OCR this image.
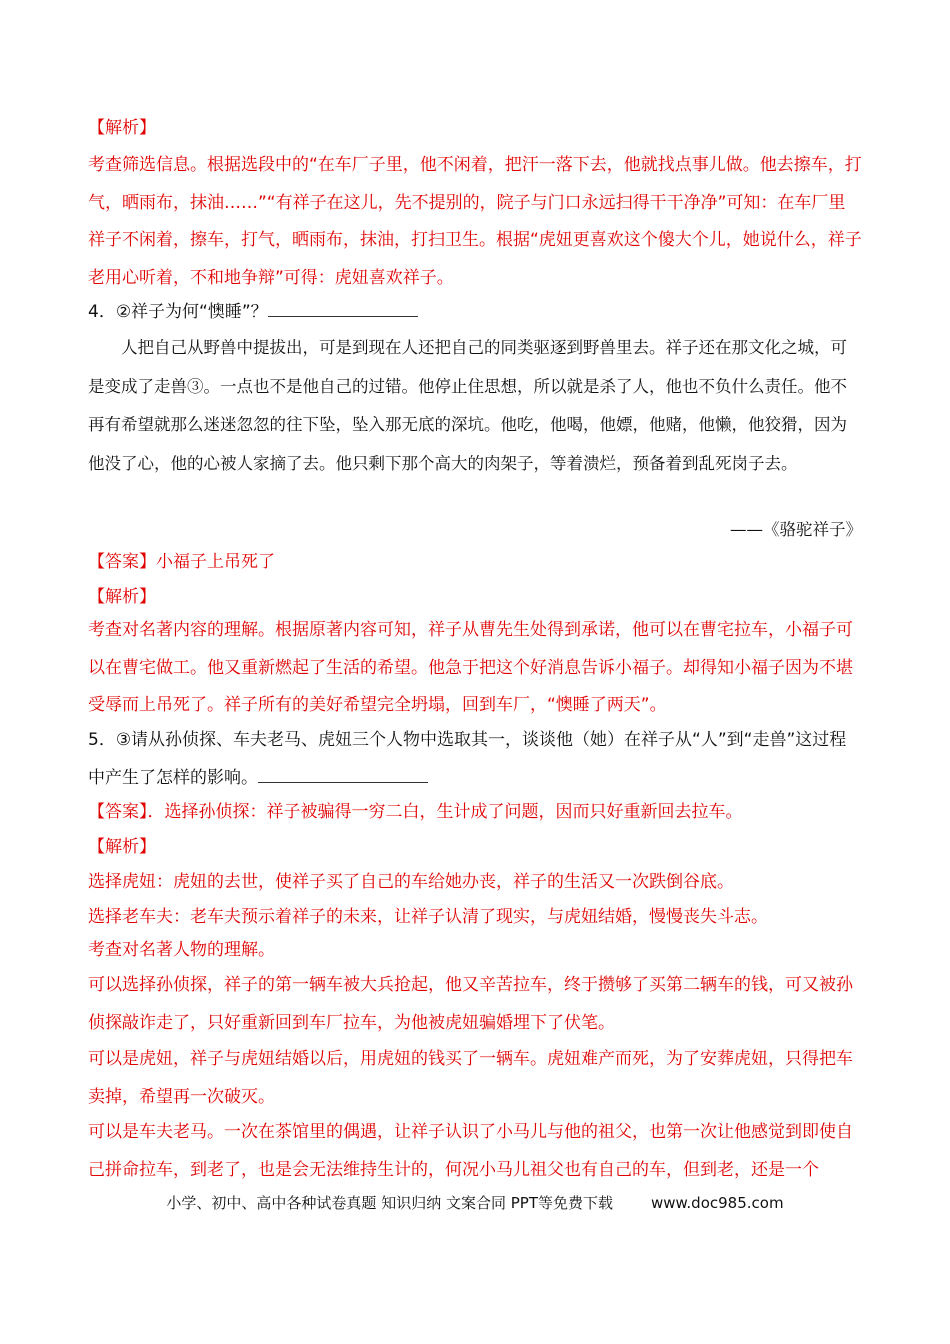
【解析】

考查筛选信息。根据选段中的“在车厂子里，他不闲着，把汗一落下去，他就找点事儿做。他去擦车，打气，晒雨布，抹油……”“有祥子在这儿，先不提别的，院子与门口永远扫得干干净净”可知：在车厂里祥子不闲着，擦车，打气，晒雨布，抹油，打扫卫生。根据“虎妞更喜欢这个傻大个儿，她说什么，祥子老用心听着，不和地争辩”可得：虎妞喜欢祥子。

4．②祥子为何“懊睡”？

人把自己从野兽中提拔出，可是到现在人还把自己的同类驱逐到野兽里去。祥子还在那文化之城，可是变成了走兽③。一点也不是他自己的过错。他停止住思想，所以就是杀了人，他也不负什么责任。他不再有希望就那么迷迷忽忽的往下坠，坠入那无底的深坑。他吃，他喝，他嫖，他赌，他懒，他狡猾，因为他没了心，他的心被人家摘了去。他只剩下那个高大的肉架子，等着溃烂，预备着到乱死岗子去。

——《骆驼祥子》

【答案】小福子上吊死了

【解析】

考查对名著内容的理解。根据原著内容可知，祥子从曹先生处得到承诺，他可以在曹宅拉车，小福子可以在曹宅做工。他又重新燃起了生活的希望。他急于把这个好消息告诉小福子。却得知小福子因为不堪受辱而上吊死了。祥子所有的美好希望完全坍塌，回到车厂，“懊睡了两天”。

5．③请从孙侦探、车夫老马、虎妞三个人物中选取其一，谈谈他（她）在祥子从“人”到“走兽”这过程中产生了怎样的影响。

【答案】．选择孙侦探：祥子被骗得一穷二白，生计成了问题，因而只好重新回去拉车。

【解析】

选择虎妞：虎妞的去世，使祥子买了自己的车给她办丧，祥子的生活又一次跌倒谷底。

选择老车夫：老车夫预示着祥子的未来，让祥子认清了现实，与虎妞结婚，慢慢丧失斗志。

考查对名著人物的理解。

可以选择孙侦探，祥子的第一辆车被大兵抢起，他又辛苦拉车，终于攒够了买第二辆车的钱，可又被孙侦探敲诈走了，只好重新回到车厂拉车，为他被虎妞骗婚埋下了伏笔。

可以是虎妞，祥子与虎妞结婚以后，用虎妞的钱买了一辆车。虎妞难产而死，为了安葬虎妞，只得把车卖掉，希望再一次破灭。

可以是车夫老马。一次在茶馆里的偶遇，让祥子认识了小马儿与他的祖父，也第一次让他感觉到即使自己拼命拉车，到老了，也是会无法维持生计的，何况小马儿祖父也有自己的车，但到老，还是一个

小学、初中、高中各种试卷真题 知识归纳 文案合同 PPT等免费下载	www.doc985.com
